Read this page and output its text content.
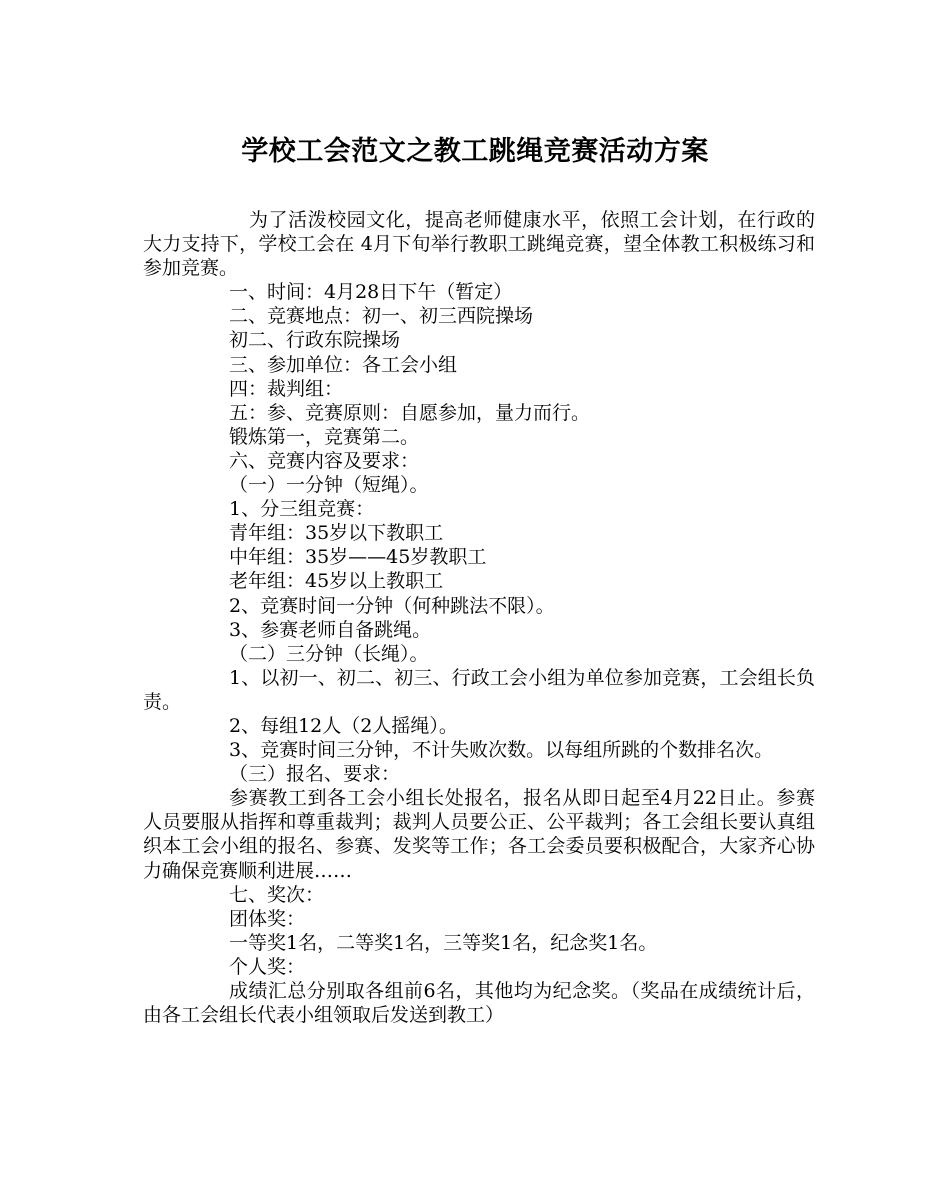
学校工会范文之教工跳绳竞赛活动方案

为了活泼校园文化，提高老师健康水平，依照工会计划，在行政的大力支持下，学校工会在 4月下旬举行教职工跳绳竞赛，望全体教工积极练习和参加竞赛。

一、时间：4月28日下午（暂定）

二、竞赛地点：初一、初三西院操场

初二、行政东院操场

三、参加单位：各工会小组

四：裁判组：

五：参、竞赛原则：自愿参加，量力而行。

锻炼第一，竞赛第二。

六、竞赛内容及要求：

（一）一分钟（短绳）。

1、分三组竞赛：

青年组：35岁以下教职工

中年组：35岁——45岁教职工

老年组：45岁以上教职工

2、竞赛时间一分钟（何种跳法不限）。

3、参赛老师自备跳绳。

（二）三分钟（长绳）。

1、以初一、初二、初三、行政工会小组为单位参加竞赛，工会组长负责。

2、每组12人（2人摇绳）。

3、竞赛时间三分钟，不计失败次数。以每组所跳的个数排名次。

（三）报名、要求：

参赛教工到各工会小组长处报名，报名从即日起至4月22日止。参赛人员要服从指挥和尊重裁判；裁判人员要公正、公平裁判；各工会组长要认真组织本工会小组的报名、参赛、发奖等工作；各工会委员要积极配合，大家齐心协力确保竞赛顺利进展……

七、奖次：

团体奖：

一等奖1名，二等奖1名，三等奖1名，纪念奖1名。

个人奖：

成绩汇总分别取各组前6名，其他均为纪念奖。（奖品在成绩统计后，由各工会组长代表小组领取后发送到教工）
